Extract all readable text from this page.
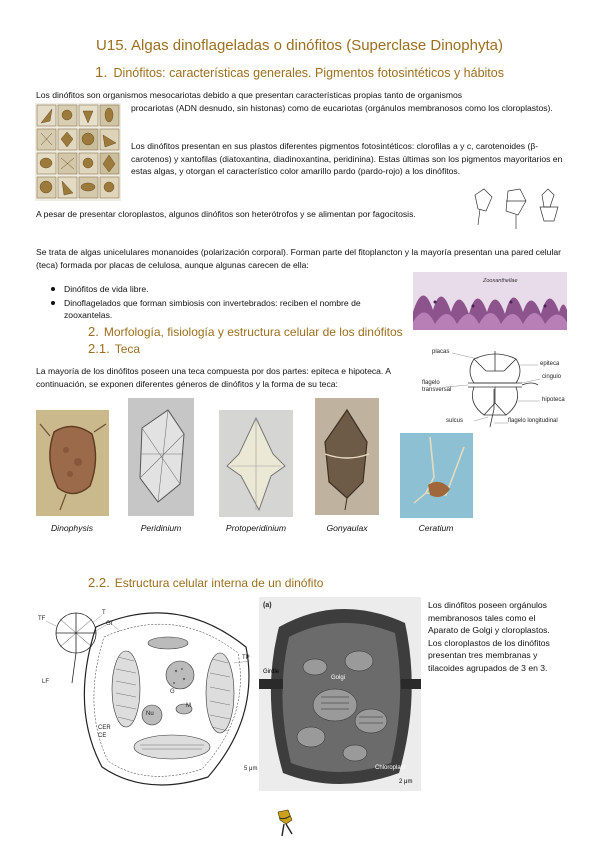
U15. Algas dinoflageladas o dinófitos (Superclase Dinophyta)
1. Dinófitos: características generales. Pigmentos fotosintéticos y hábitos

Los dinófitos son organismos mesocariotas debido a que presentan características propias tanto de organismos

procariotas (ADN desnudo, sin histonas) como de eucariotas (orgánulos membranosos como los cloroplastos).

Los dinófitos presentan en sus plastos diferentes pigmentos fotosintéticos: clorofilas a y c, carotenoides (β-carotenos) y xantofilas (diatoxantina, diadinoxantina, peridinina). Estas últimas son los pigmentos mayoritarios en estas algas, y otorgan el característico color amarillo pardo (pardo-rojo) a los dinófitos.

A pesar de presentar cloroplastos, algunos dinófitos son heterótrofos y se alimentan por fagocitosis.

Se trata de algas unicelulares monanoides (polarización corporal). Forman parte del fitoplancton y la mayoría presentan una pared celular (teca) formada por placas de celulosa, aunque algunas carecen de ella:

Dinófitos de vida libre.
Dinoflagelados que forman simbiosis con invertebrados: reciben el nombre de zooxantelas.
Zooxanthellae
2. Morfología, fisiología y estructura celular de los dinófitos
2.1. Teca

La mayoría de los dinófitos poseen una teca compuesta por dos partes: epiteca e hipoteca. A continuación, se exponen diferentes géneros de dinófitos y la forma de su teca:

placas
epiteca
cingulo
flagelo transversal
hipoteca
sulcus	flagelo longitudinal
Dinophysis	Peridinium	Protoperidinium	Gonyaulax	Ceratium
2.2. Estructura celular interna de un dinófito
TF
T
Gr
TP
G
Nu
CER
CE
M
LF
(a)
Girdle
Golgi
Chloroplast
2 μm
5 μm

Los dinófitos poseen orgánulos membranosos tales como el Aparato de Golgi y cloroplastos. Los cloroplastos de los dinófitos presentan tres membranas y tilacoides agrupados de 3 en 3.
